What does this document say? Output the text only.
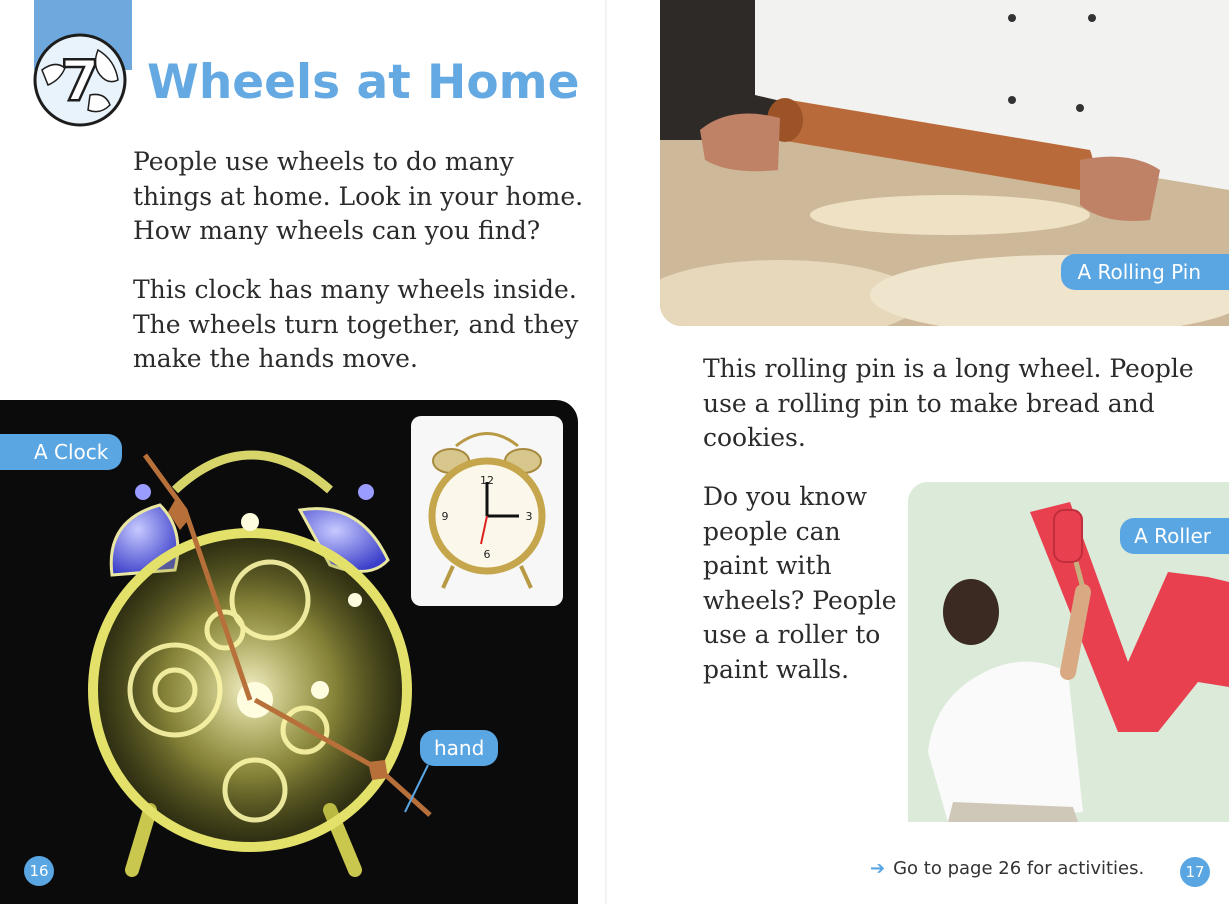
7 Wheels at Home

People use wheels to do many things at home. Look in your home. How many wheels can you find?

This clock has many wheels inside. The wheels turn together, and they make the hands move.

12
3
6
9
A Clock
hand
16
A Rolling Pin

This rolling pin is a long wheel. People use a rolling pin to make bread and cookies.

Do you know people can paint with wheels? People use a roller to paint walls.

A Roller
➔ Go to page 26 for activities.	17
